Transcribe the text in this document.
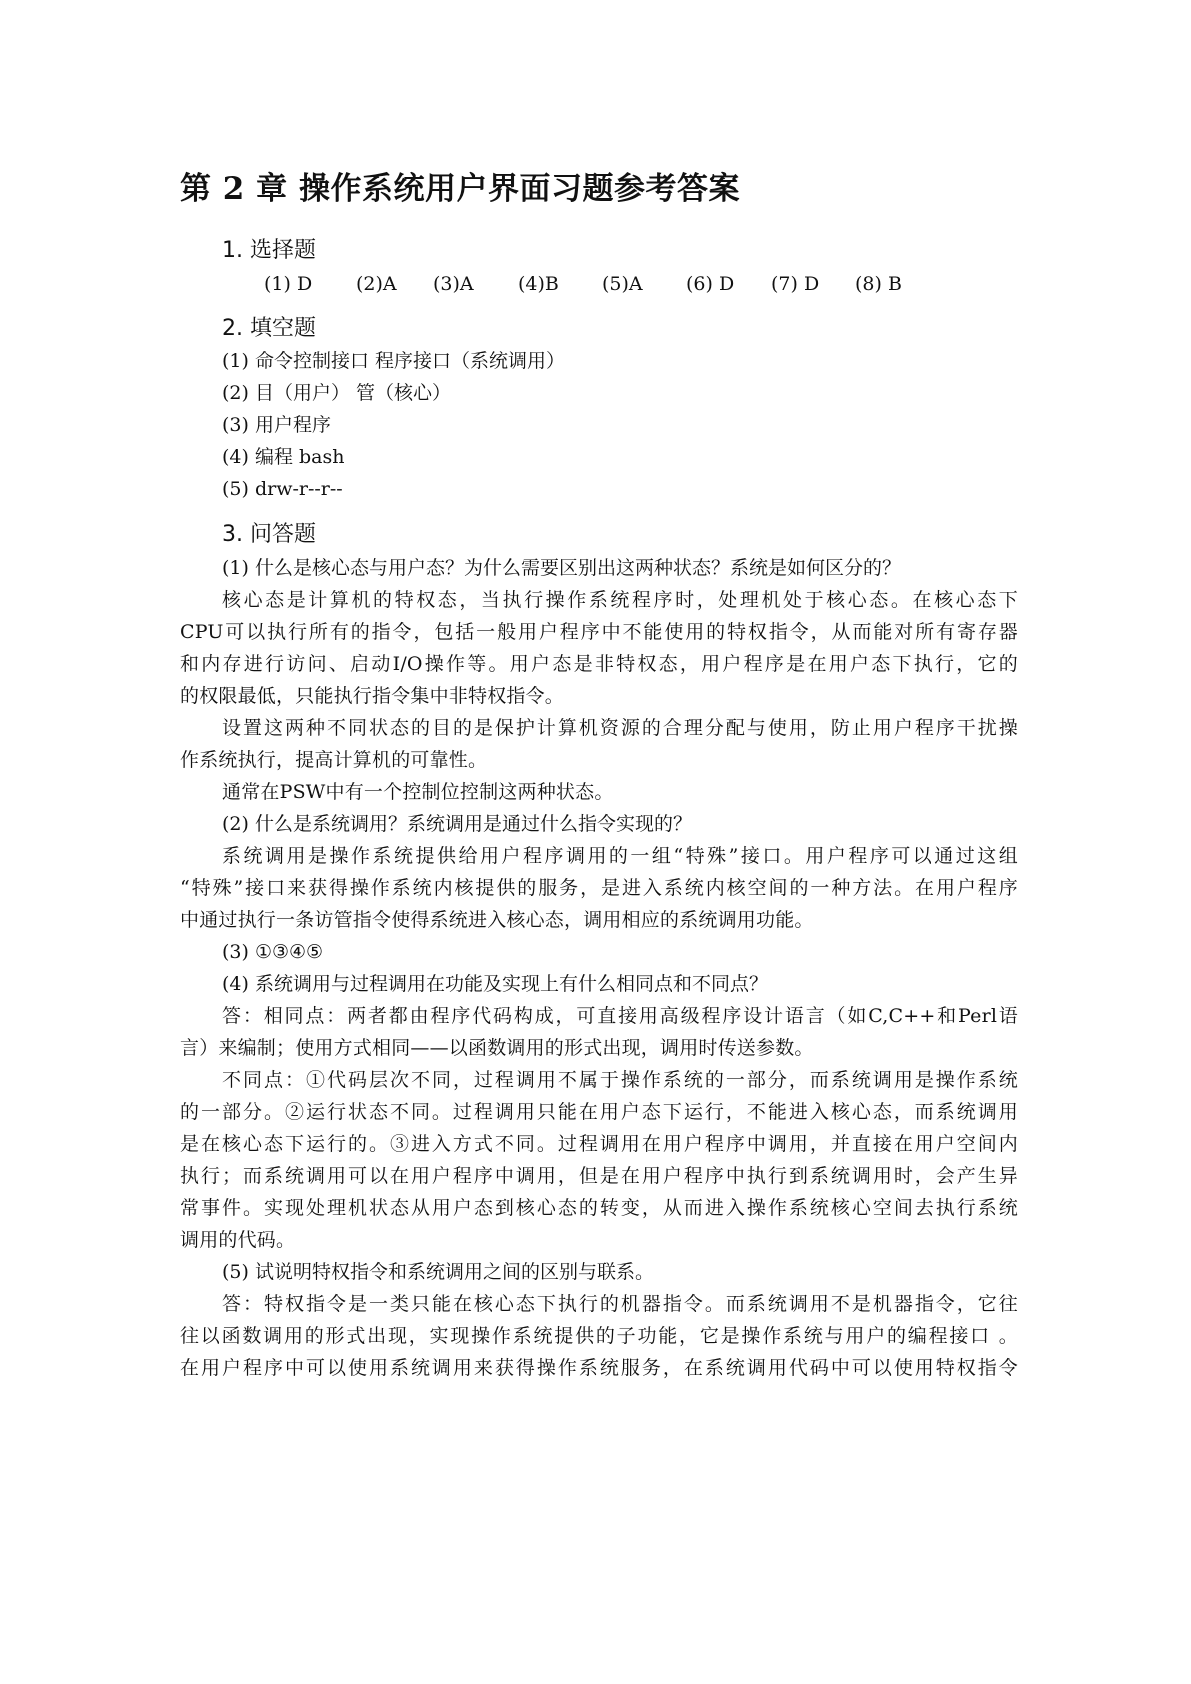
第 2 章 操作系统用户界面习题参考答案
1. 选择题
(1) D (2)A (3)A (4)B (5)A (6) D (7) D (8) B
2. 填空题
(1) 命令控制接口 程序接口（系统调用）
(2) 目（用户） 管（核心）
(3) 用户程序
(4) 编程 bash
(5) drw-r--r--
3. 问答题
(1) 什么是核心态与用户态？为什么需要区别出这两种状态？系统是如何区分的？
核心态是计算机的特权态，当执行操作系统程序时，处理机处于核心态。在核心态下
CPU可以执行所有的指令，包括一般用户程序中不能使用的特权指令，从而能对所有寄存器
和内存进行访问、启动I/O操作等。用户态是非特权态，用户程序是在用户态下执行，它的
的权限最低，只能执行指令集中非特权指令。
设置这两种不同状态的目的是保护计算机资源的合理分配与使用，防止用户程序干扰操
作系统执行，提高计算机的可靠性。
通常在PSW中有一个控制位控制这两种状态。
(2) 什么是系统调用？系统调用是通过什么指令实现的？
系统调用是操作系统提供给用户程序调用的一组“特殊”接口。用户程序可以通过这组
“特殊”接口来获得操作系统内核提供的服务，是进入系统内核空间的一种方法。在用户程序
中通过执行一条访管指令使得系统进入核心态，调用相应的系统调用功能。
(3) ①③④⑤
(4) 系统调用与过程调用在功能及实现上有什么相同点和不同点？
答：相同点：两者都由程序代码构成，可直接用高级程序设计语言（如C,C++和Perl语
言）来编制；使用方式相同——以函数调用的形式出现，调用时传送参数。
不同点：①代码层次不同，过程调用不属于操作系统的一部分，而系统调用是操作系统
的一部分。②运行状态不同。过程调用只能在用户态下运行，不能进入核心态，而系统调用
是在核心态下运行的。③进入方式不同。过程调用在用户程序中调用，并直接在用户空间内
执行；而系统调用可以在用户程序中调用，但是在用户程序中执行到系统调用时，会产生异
常事件。实现处理机状态从用户态到核心态的转变，从而进入操作系统核心空间去执行系统
调用的代码。
(5) 试说明特权指令和系统调用之间的区别与联系。
答：特权指令是一类只能在核心态下执行的机器指令。而系统调用不是机器指令，它往
往以函数调用的形式出现，实现操作系统提供的子功能，它是操作系统与用户的编程接口 。
在用户程序中可以使用系统调用来获得操作系统服务，在系统调用代码中可以使用特权指令
